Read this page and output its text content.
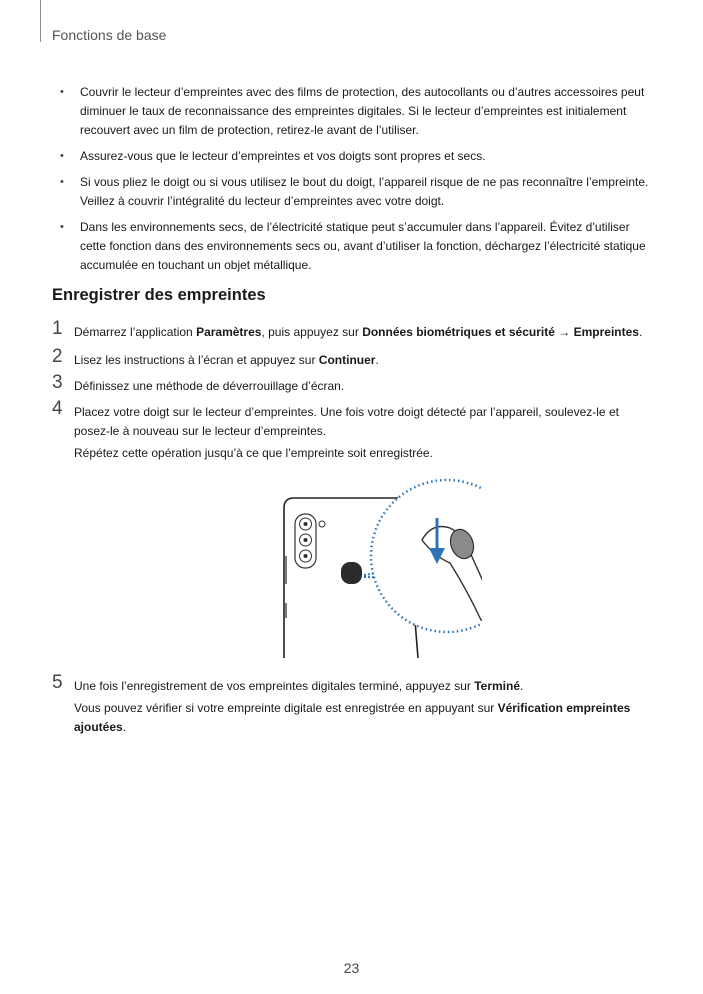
Fonctions de base
• Couvrir le lecteur d’empreintes avec des films de protection, des autocollants ou d’autres accessoires peut diminuer le taux de reconnaissance des empreintes digitales. Si le lecteur d’empreintes est initialement recouvert avec un film de protection, retirez-le avant de l’utiliser.
• Assurez-vous que le lecteur d’empreintes et vos doigts sont propres et secs.
• Si vous pliez le doigt ou si vous utilisez le bout du doigt, l’appareil risque de ne pas reconnaître l’empreinte. Veillez à couvrir l’intégralité du lecteur d’empreintes avec votre doigt.
• Dans les environnements secs, de l’électricité statique peut s’accumuler dans l’appareil. Évitez d’utiliser cette fonction dans des environnements secs ou, avant d’utiliser la fonction, déchargez l’électricité statique accumulée en touchant un objet métallique.
Enregistrer des empreintes
1 Démarrez l’application Paramètres, puis appuyez sur Données biométriques et sécurité → Empreintes.
2 Lisez les instructions à l’écran et appuyez sur Continuer.
3 Définissez une méthode de déverrouillage d’écran.
4 Placez votre doigt sur le lecteur d’empreintes. Une fois votre doigt détecté par l’appareil, soulevez-le et posez-le à nouveau sur le lecteur d’empreintes.
Répétez cette opération jusqu’à ce que l’empreinte soit enregistrée.
5 Une fois l’enregistrement de vos empreintes digitales terminé, appuyez sur Terminé.
Vous pouvez vérifier si votre empreinte digitale est enregistrée en appuyant sur Vérification empreintes ajoutées.
23
